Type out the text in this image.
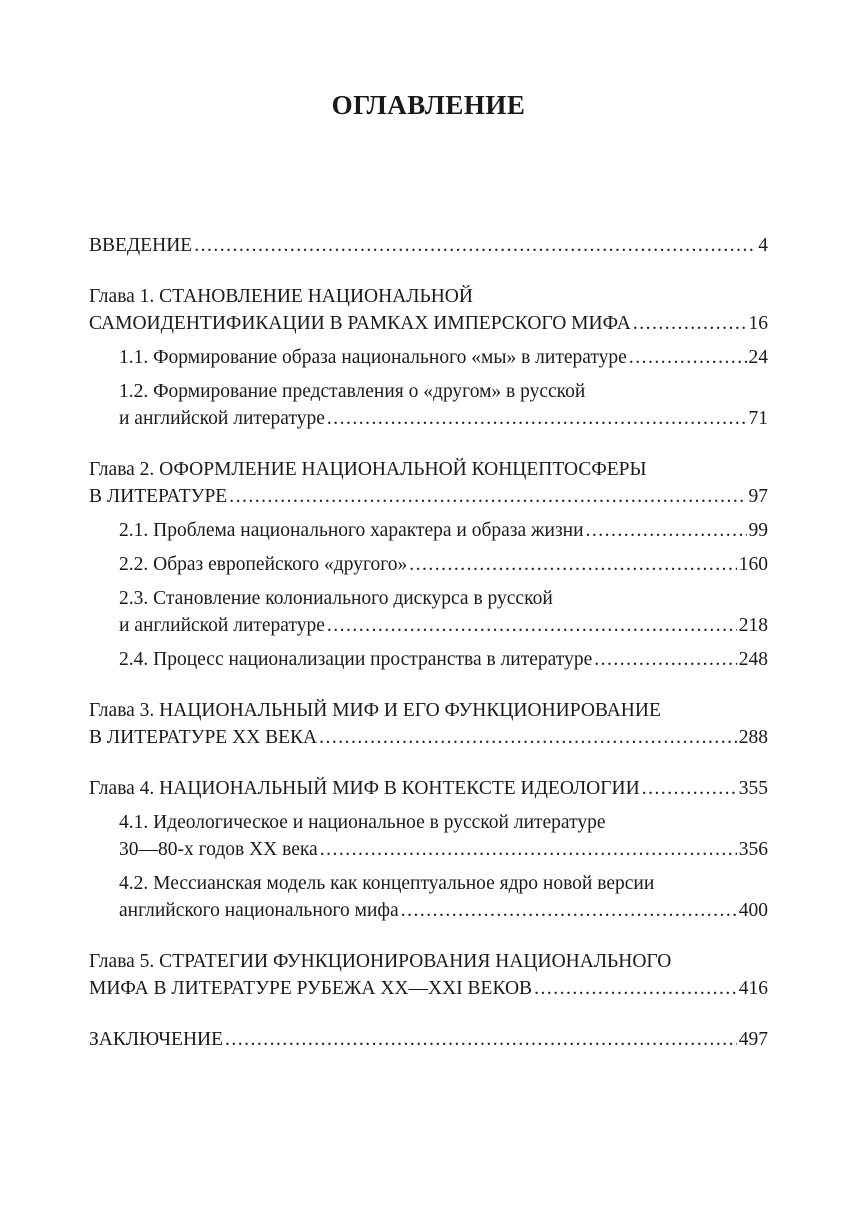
ОГЛАВЛЕНИЕ
ВВЕДЕНИЕ .....	4
Глава 1. СТАНОВЛЕНИЕ НАЦИОНАЛЬНОЙ
САМОИДЕНТИФИКАЦИИ В РАМКАХ ИМПЕРСКОГО МИФА .....	16
1.1. Формирование образа национального «мы» в литературе .....	24
1.2. Формирование представления о «другом» в русской
и английской литературе .....	71
Глава 2. ОФОРМЛЕНИЕ НАЦИОНАЛЬНОЙ КОНЦЕПТОСФЕРЫ
В ЛИТЕРАТУРЕ .....	97
2.1. Проблема национального характера и образа жизни .....	99
2.2. Образ европейского «другого» .....	160
2.3. Становление колониального дискурса в русской
и английской литературе .....	218
2.4. Процесс национализации пространства в литературе .....	248
Глава 3. НАЦИОНАЛЬНЫЙ МИФ И ЕГО ФУНКЦИОНИРОВАНИЕ
В ЛИТЕРАТУРЕ XX ВЕКА .....	288
Глава 4. НАЦИОНАЛЬНЫЙ МИФ В КОНТЕКСТЕ ИДЕОЛОГИИ .....	355
4.1. Идеологическое и национальное в русской литературе
30—80-х годов XX века .....	356
4.2. Мессианская модель как концептуальное ядро новой версии
английского национального мифа .....	400
Глава 5. СТРАТЕГИИ ФУНКЦИОНИРОВАНИЯ НАЦИОНАЛЬНОГО
МИФА В ЛИТЕРАТУРЕ РУБЕЖА XX—XXI ВЕКОВ .....	416
ЗАКЛЮЧЕНИЕ .....	497
